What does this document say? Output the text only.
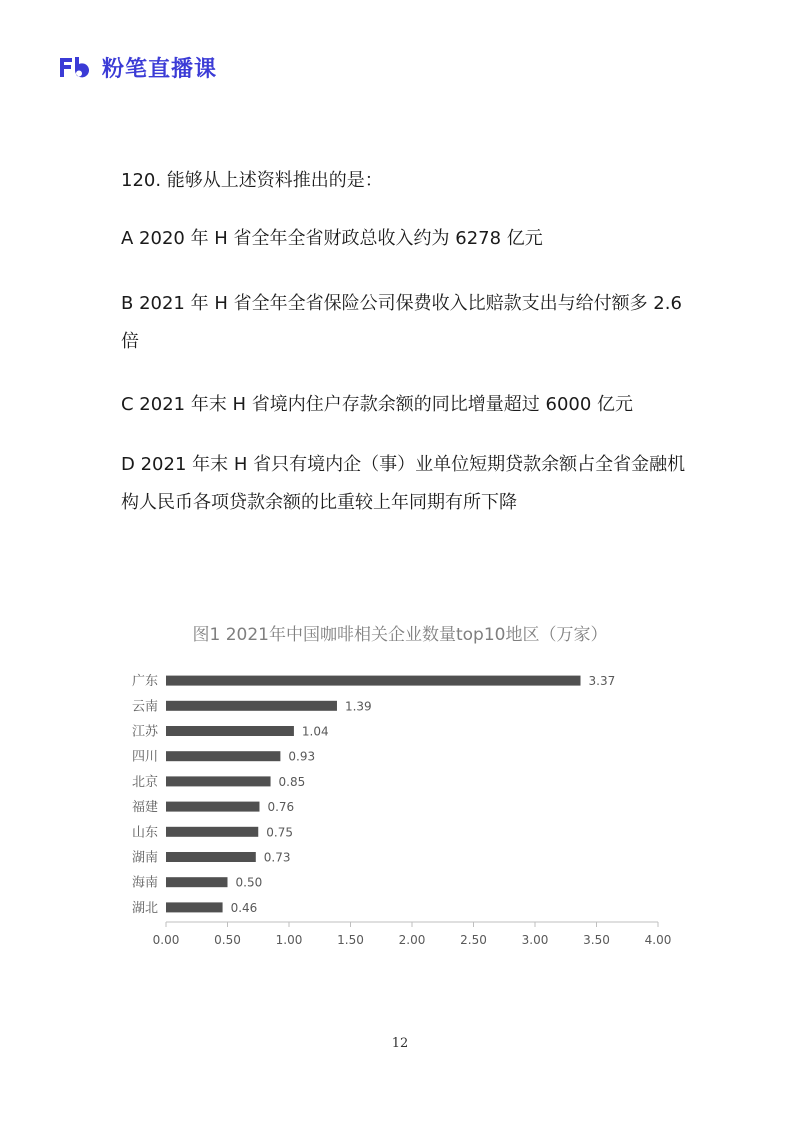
粉笔直播课

120. 能够从上述资料推出的是：

A 2020 年 H 省全年全省财政总收入约为 6278 亿元

B 2021 年 H 省全年全省保险公司保费收入比赔款支出与给付额多 2.6 倍

C 2021 年末 H 省境内住户存款余额的同比增量超过 6000 亿元

D 2021 年末 H 省只有境内企（事）业单位短期贷款余额占全省金融机构人民币各项贷款余额的比重较上年同期有所下降

图1 2021年中国咖啡相关企业数量top10地区（万家）
广东	3.37
云南	1.39
江苏	1.04
四川	0.93
北京	0.85
福建	0.76
山东	0.75
湖南	0.73
海南	0.50
湖北	0.46
0.00	0.50	1.00	1.50	2.00	2.50	3.00	3.50	4.00
12
